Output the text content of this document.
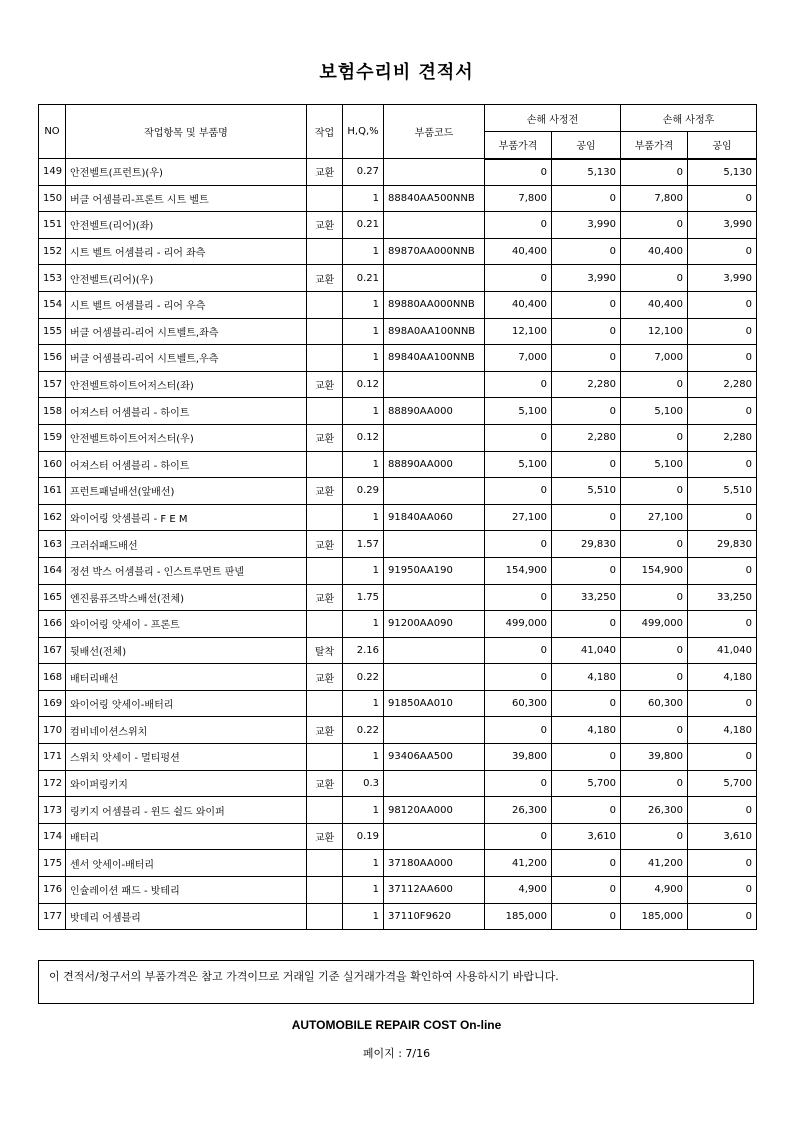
보험수리비 견적서
NO	작업항목 및 부품명	작업	H,Q,%	부품코드	손해 사정전		손해 사정후	
					부품가격	공임	부품가격	공임
149	안전벨트(프런트)(우)	교환	0.27		0	5,130	0	5,130
150	버클 어셈블리-프론트 시트 벨트		1	88840AA500NNB	7,800	0	7,800	0
151	안전벨트(리어)(좌)	교환	0.21		0	3,990	0	3,990
152	시트 벨트 어셈블리 - 리어 좌측		1	89870AA000NNB	40,400	0	40,400	0
153	안전벨트(리어)(우)	교환	0.21		0	3,990	0	3,990
154	시트 벨트 어셈블리 - 리어 우측		1	89880AA000NNB	40,400	0	40,400	0
155	버클 어셈블리-리어 시트벨트,좌측		1	898A0AA100NNB	12,100	0	12,100	0
156	버클 어셈블리-리어 시트벨트,우측		1	89840AA100NNB	7,000	0	7,000	0
157	안전벨트하이트어저스터(좌)	교환	0.12		0	2,280	0	2,280
158	어져스터 어셈블리 - 하이트		1	88890AA000	5,100	0	5,100	0
159	안전벨트하이트어저스터(우)	교환	0.12		0	2,280	0	2,280
160	어져스터 어셈블리 - 하이트		1	88890AA000	5,100	0	5,100	0
161	프런트패널배선(앞배선)	교환	0.29		0	5,510	0	5,510
162	와이어링 앗셈블리 - F E M		1	91840AA060	27,100	0	27,100	0
163	크러쉬패드배선	교환	1.57		0	29,830	0	29,830
164	정션 박스 어셈블리 - 인스트루먼트 판넬		1	91950AA190	154,900	0	154,900	0
165	엔진룸퓨즈박스배선(전체)	교환	1.75		0	33,250	0	33,250
166	와이어링 앗세이 - 프론트		1	91200AA090	499,000	0	499,000	0
167	뒷배선(전체)	탈착	2.16		0	41,040	0	41,040
168	배터리배선	교환	0.22		0	4,180	0	4,180
169	와이어링 앗세이-배터리		1	91850AA010	60,300	0	60,300	0
170	컴비네이션스위치	교환	0.22		0	4,180	0	4,180
171	스위치 앗세이 - 멀티펑션		1	93406AA500	39,800	0	39,800	0
172	와이퍼링키지	교환	0.3		0	5,700	0	5,700
173	링키지 어셈블리 - 윈드 쉴드 와이퍼		1	98120AA000	26,300	0	26,300	0
174	배터리	교환	0.19		0	3,610	0	3,610
175	센서 앗세이-배터리		1	37180AA000	41,200	0	41,200	0
176	인슐레이션 패드 - 밧테리		1	37112AA600	4,900	0	4,900	0
177	밧데리 어셈블리		1	37110F9620	185,000	0	185,000	0
이 견적서/청구서의 부품가격은 참고 가격이므로 거래일 기준 실거래가격을 확인하여 사용하시기 바랍니다.
AUTOMOBILE REPAIR COST On-line
페이지 : 7/16
